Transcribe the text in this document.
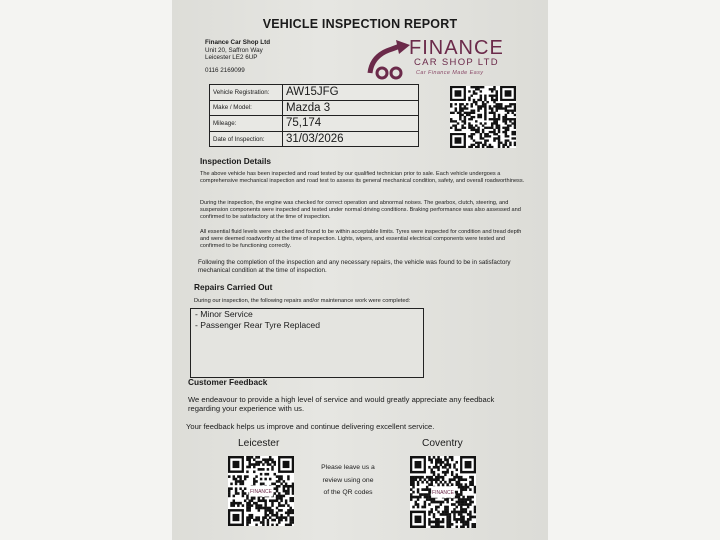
VEHICLE INSPECTION REPORT
Finance Car Shop Ltd
Unit 20, Saffron Way
Leicester LE2 6UP
0116 2169099
FINANCE
CAR SHOP LTD
Car Finance Made Easy
Vehicle Registration:	AW15JFG
Make / Model:	Mazda 3
Mileage:	75,174
Date of Inspection:	31/03/2026
Inspection Details
The above vehicle has been inspected and road tested by our qualified technician prior to sale. Each vehicle undergoes a comprehensive mechanical inspection and road test to assess its general mechanical condition, safety, and overall roadworthiness.
During the inspection, the engine was checked for correct operation and abnormal noises. The gearbox, clutch, steering, and suspension components were inspected and tested under normal driving conditions. Braking performance was also assessed and confirmed to be satisfactory at the time of inspection.
All essential fluid levels were checked and found to be within acceptable limits. Tyres were inspected for condition and tread depth and were deemed roadworthy at the time of inspection. Lights, wipers, and essential electrical components were tested and confirmed to be functioning correctly.
Following the completion of the inspection and any necessary repairs, the vehicle was found to be in satisfactory mechanical condition at the time of inspection.
Repairs Carried Out
During our inspection, the following repairs and/or maintenance work were completed:
- Minor Service
- Passenger Rear Tyre Replaced
Customer Feedback
We endeavour to provide a high level of service and would greatly appreciate any feedback regarding your experience with us.
Your feedback helps us improve and continue delivering excellent service.
Leicester	Coventry
FINANCE	FINANCE
Please leave us a
review using one
of the QR codes
